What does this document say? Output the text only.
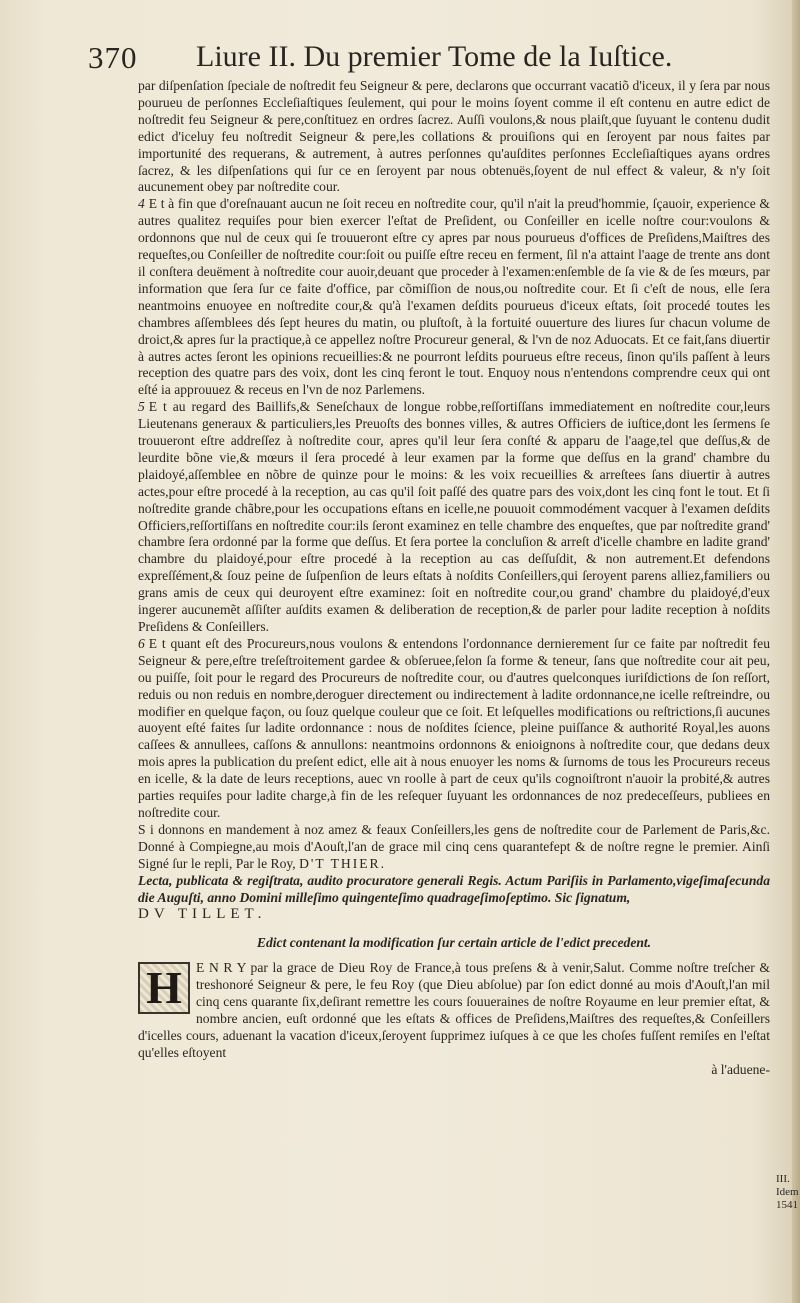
370 Liure II. Du premier Tome de la Iuſtice.

par diſpenſation ſpeciale de noſtredit feu Seigneur & pere, declarons que occurrant vacatiõ d'iceux, il y ſera par nous pourueu de perſonnes Eccleſiaſtiques ſeulement, qui pour le moins ſoyent comme il eſt contenu en autre edict de noſtredit feu Seigneur & pere,conſtituez en ordres ſacrez. Auſſi voulons,& nous plaiſt,que ſuyuant le contenu dudit edict d'iceluy feu noſtredit Seigneur & pere,les collations & prouiſions qui en ſeroyent par nous faites par importunité des requerans, & autrement, à autres perſonnes qu'auſdites perſonnes Eccleſiaſtiques ayans ordres ſacrez, & les diſpenſations qui ſur ce en ſeroyent par nous obtenuës,ſoyent de nul effect & valeur, & n'y ſoit aucunement obey par noſtredite cour.

4 E t à fin que d'oreſnauant aucun ne ſoit receu en noſtredite cour, qu'il n'ait la preud'hommie, ſçauoir, experience & autres qualitez requiſes pour bien exercer l'eſtat de Preſident, ou Conſeiller en icelle noſtre cour:voulons & ordonnons que nul de ceux qui ſe trouueront eſtre cy apres par nous pourueus d'offices de Preſidens,Maiſtres des requeſtes,ou Conſeiller de noſtredite cour:ſoit ou puiſſe eſtre receu en ferment, ſil n'a attaint l'aage de trente ans dont il conſtera deuëment à noſtredite cour auoir,deuant que proceder à l'examen:enſemble de ſa vie & de ſes mœurs, par information que ſera ſur ce faite d'office, par cõmiſſion de nous,ou noſtredite cour. Et ſi c'eſt de nous, elle ſera neantmoins enuoyee en noſtredite cour,& qu'à l'examen deſdits pourueus d'iceux eſtats, ſoit procedé toutes les chambres aſſemblees dés ſept heures du matin, ou pluſtoſt, à la fortuité ouuerture des liures ſur chacun volume de droict,& apres ſur la practique,à ce appellez noſtre Procureur general, & l'vn de noz Aduocats. Et ce fait,ſans diuertir à autres actes ſeront les opinions recueillies:& ne pourront leſdits pourueus eſtre receus, ſinon qu'ils paſſent à leurs reception des quatre pars des voix, dont les cinq feront le tout. Enquoy nous n'entendons comprendre ceux qui ont eſté ia approuuez & receus en l'vn de noz Parlemens.

5 E t au regard des Baillifs,& Seneſchaux de longue robbe,reſſortiſſans immediatement en noſtredite cour,leurs Lieutenans generaux & particuliers,les Preuoſts des bonnes villes, & autres Officiers de iuſtice,dont les ſermens ſe trouueront eſtre addreſſez à noſtredite cour, apres qu'il leur ſera conſté & apparu de l'aage,tel que deſſus,& de leurdite bõne vie,& mœurs il ſera procedé à leur examen par la forme que deſſus en la grand' chambre du plaidoyé,aſſemblee en nõbre de quinze pour le moins: & les voix recueillies & arreſtees ſans diuertir à autres actes,pour eſtre procedé à la reception, au cas qu'il ſoit paſſé des quatre pars des voix,dont les cinq font le tout. Et ſi noſtredite grande chãbre,pour les occupations eſtans en icelle,ne pouuoit commodément vacquer à l'examen deſdits Officiers,reſſortiſſans en noſtredite cour:ils ſeront examinez en telle chambre des enqueſtes, que par noſtredite grand' chambre ſera ordonné par la forme que deſſus. Et ſera portee la concluſion & arreſt d'icelle chambre en ladite grand' chambre du plaidoyé,pour eſtre procedé à la reception au cas deſſuſdit, & non autrement.Et defendons expreſſément,& ſouz peine de ſuſpenſion de leurs eſtats à noſdits Conſeillers,qui ſeroyent parens alliez,familiers ou grans amis de ceux qui deuroyent eſtre examinez: ſoit en noſtredite cour,ou grand' chambre du plaidoyé,d'eux ingerer aucunemẽt aſſiſter auſdits examen & deliberation de reception,& de parler pour ladite reception à noſdits Preſidens & Conſeillers.

6 E t quant eſt des Procureurs,nous voulons & entendons l'ordonnance dernierement ſur ce faite par noſtredit feu Seigneur & pere,eſtre treſeſtroitement gardee & obſeruee,ſelon ſa forme & teneur, ſans que noſtredite cour ait peu, ou puiſſe, ſoit pour le regard des Procureurs de noſtredite cour, ou d'autres quelconques iuriſdictions de ſon reſſort, reduis ou non reduis en nombre,deroguer directement ou indirectement à ladite ordonnance,ne icelle reſtreindre, ou modifier en quelque façon, ou ſouz quelque couleur que ce ſoit. Et leſquelles modifications ou reſtrictions,ſi aucunes auoyent eſté faites ſur ladite ordonnance : nous de noſdites ſcience, pleine puiſſance & authorité Royal,les auons caſſees & annullees, caſſons & annullons: neantmoins ordonnons & enioignons à noſtredite cour, que dedans deux mois apres la publication du preſent edict, elle ait à nous enuoyer les noms & ſurnoms de tous les Procureurs receus en icelle, & la date de leurs receptions, auec vn roolle à part de ceux qu'ils cognoiſtront n'auoir la probité,& autres parties requiſes pour ladite charge,à fin de les reſequer ſuyuant les ordonnances de noz predeceſſeurs, publiees en noſtredite cour.

S i donnons en mandement à noz amez & feaux Conſeillers,les gens de noſtredite cour de Parlement de Paris,&c. Donné à Compiegne,au mois d'Aouſt,l'an de grace mil cinq cens quarantefept & de noſtre regne le premier. Ainſi Signé ſur le repli, Par le Roy, D'T THIER.

Lecta, publicata & regiſtrata, audito procuratore generali Regis. Actum Pariſiis in Parlamento,vigeſimaſecunda die Auguſti, anno Domini milleſimo quingenteſimo quadrageſimoſeptimo. Sic ſignatum,

DV TILLET.

Edict contenant la modification ſur certain article de l'edict precedent.
H	E N R Y par la grace de Dieu Roy de France,à tous preſens & à venir,Salut. Comme noſtre treſcher & treshonoré Seigneur & pere, le feu Roy (que Dieu abſolue) par ſon edict donné au mois d'Aouſt,l'an mil cinq cens quarante ſix,deſirant remettre les cours ſouueraines de noſtre Royaume en leur premier eſtat, & nombre ancien, euſt ordonné que les eſtats & offices de Preſidens,Maiſtres des requeſtes,& Conſeillers d'icelles cours, aduenant la vacation d'iceux,ſeroyent ſupprimez iuſques à ce que les choſes fuſſent remiſes en l'eſtat qu'elles eſtoyent

à l'aduene-

III. Idem 1541
